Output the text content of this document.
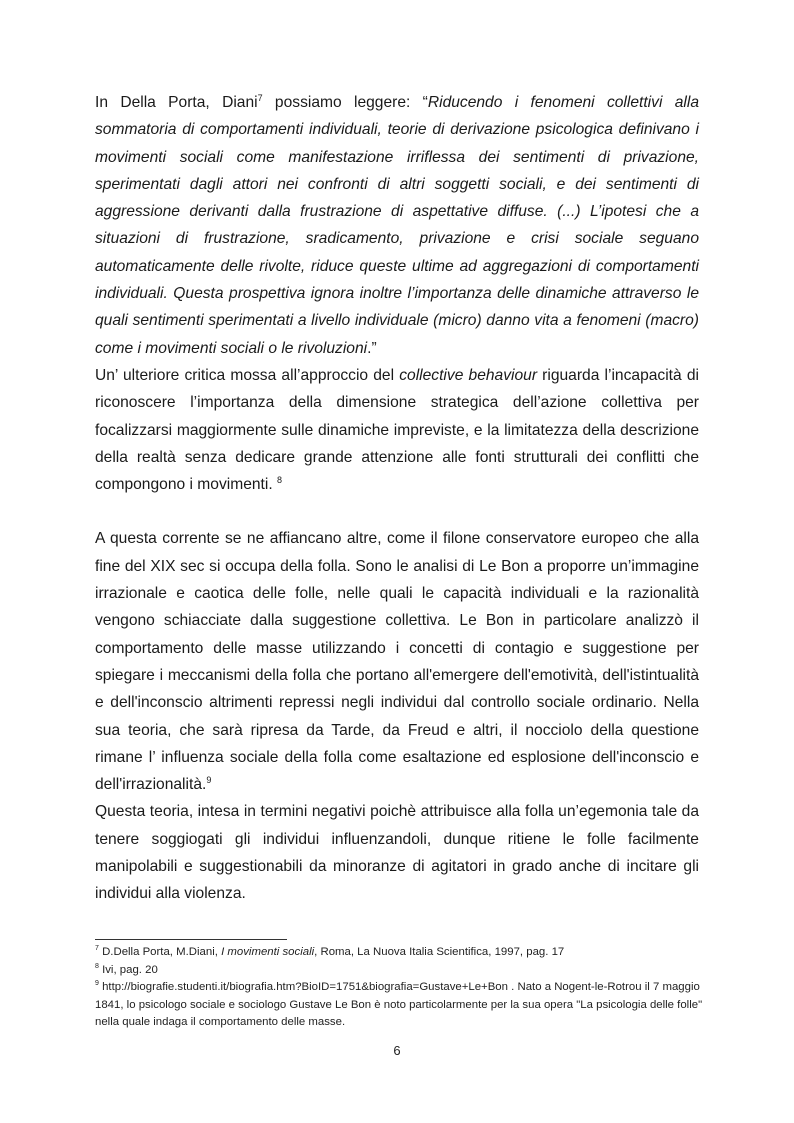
In Della Porta, Diani$^7$ possiamo leggere: “Riducendo i fenomeni collettivi alla sommatoria di comportamenti individuali, teorie di derivazione psicologica definivano i movimenti sociali come manifestazione irriflessa dei sentimenti di privazione, sperimentati dagli attori nei confronti di altri soggetti sociali, e dei sentimenti di aggressione derivanti dalla frustrazione di aspettative diffuse. (...) L’ipotesi che a situazioni di frustrazione, sradicamento, privazione e crisi sociale seguano automaticamente delle rivolte, riduce queste ultime ad aggregazioni di comportamenti individuali. Questa prospettiva ignora inoltre l’importanza delle dinamiche attraverso le quali sentimenti sperimentati a livello individuale (micro) danno vita a fenomeni (macro) come i movimenti sociali o le rivoluzioni.”

Un’ ulteriore critica mossa all’approccio del collective behaviour riguarda l’incapacità di riconoscere l’importanza della dimensione strategica dell’azione collettiva per focalizzarsi maggiormente sulle dinamiche impreviste, e la limitatezza della descrizione della realtà senza dedicare grande attenzione alle fonti strutturali dei conflitti che compongono i movimenti. $^8$

A questa corrente se ne affiancano altre, come il filone conservatore europeo che alla fine del XIX sec si occupa della folla. Sono le analisi di Le Bon a proporre un’immagine irrazionale e caotica delle folle, nelle quali le capacità individuali e la razionalità vengono schiacciate dalla suggestione collettiva. Le Bon in particolare analizzò il comportamento delle masse utilizzando i concetti di contagio e suggestione per spiegare i meccanismi della folla che portano all'emergere dell'emotività, dell'istintualità e dell'inconscio altrimenti repressi negli individui dal controllo sociale ordinario. Nella sua teoria, che sarà ripresa da Tarde, da Freud e altri, il nocciolo della questione rimane l’ influenza sociale della folla come esaltazione ed esplosione dell'inconscio e dell'irrazionalità.$^9$

Questa teoria, intesa in termini negativi poichè attribuisce alla folla un’egemonia tale da tenere soggiogati gli individui influenzandoli, dunque ritiene le folle facilmente manipolabili e suggestionabili da minoranze di agitatori in grado anche di incitare gli individui alla violenza.

$^7$ D.Della Porta, M.Diani, I movimenti sociali, Roma, La Nuova Italia Scientifica, 1997, pag. 17

$^8$ Ivi, pag. 20

$^9$ http://biografie.studenti.it/biografia.htm?BioID=1751&biografia=Gustave+Le+Bon . Nato a Nogent-le-Rotrou il 7 maggio 1841, lo psicologo sociale e sociologo Gustave Le Bon è noto particolarmente per la sua opera "La psicologia delle folle" nella quale indaga il comportamento delle masse.

6
